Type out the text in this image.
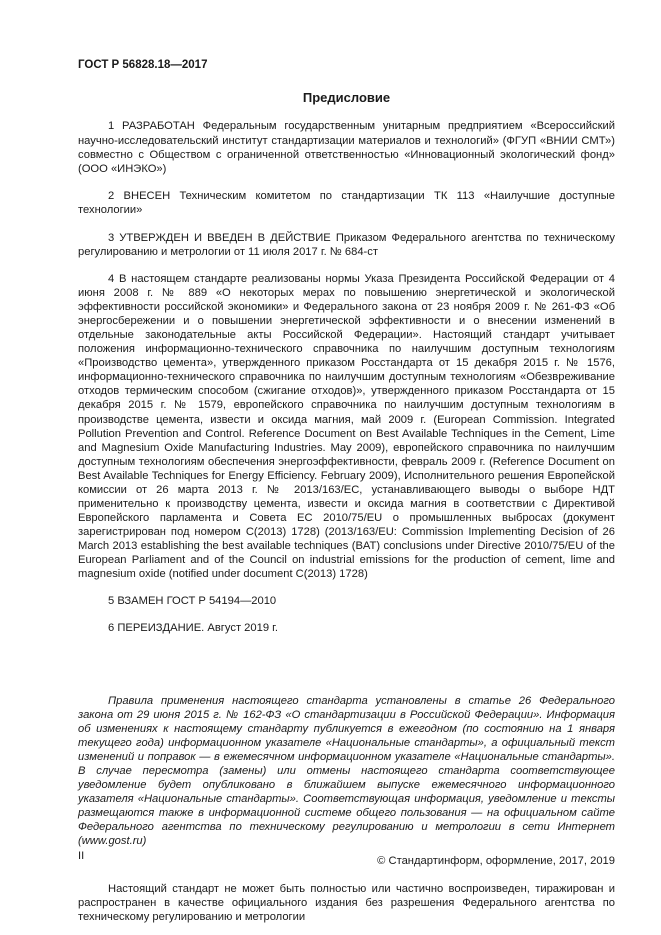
ГОСТ Р 56828.18—2017
Предисловие

1 РАЗРАБОТАН Федеральным государственным унитарным предприятием «Всероссийский научно-исследовательский институт стандартизации материалов и технологий» (ФГУП «ВНИИ СМТ») совместно с Обществом с ограниченной ответственностью «Инновационный экологический фонд» (ООО «ИНЭКО»)

2 ВНЕСЕН Техническим комитетом по стандартизации ТК 113 «Наилучшие доступные технологии»

3 УТВЕРЖДЕН И ВВЕДЕН В ДЕЙСТВИЕ Приказом Федерального агентства по техническому регулированию и метрологии от 11 июля 2017 г. № 684-ст

4 В настоящем стандарте реализованы нормы Указа Президента Российской Федерации от 4 июня 2008 г. № 889 «О некоторых мерах по повышению энергетической и экологической эффективности российской экономики» и Федерального закона от 23 ноября 2009 г. № 261-ФЗ «Об энергосбережении и о повышении энергетической эффективности и о внесении изменений в отдельные законодательные акты Российской Федерации». Настоящий стандарт учитывает положения информационно-технического справочника по наилучшим доступным технологиям «Производство цемента», утвержденного приказом Росстандарта от 15 декабря 2015 г. № 1576, информационно-технического справочника по наилучшим доступным технологиям «Обезвреживание отходов термическим способом (сжигание отходов)», утвержденного приказом Росстандарта от 15 декабря 2015 г. № 1579, европейского справочника по наилучшим доступным технологиям в производстве цемента, извести и оксида магния, май 2009 г. (European Commission. Integrated Pollution Prevention and Control. Reference Document on Best Available Techniques in the Cement, Lime and Magnesium Oxide Manufacturing Industries. May 2009), европейского справочника по наилучшим доступным технологиям обеспечения энергоэффективности, февраль 2009 г. (Reference Document on Best Available Techniques for Energy Efficiency. February 2009), Исполнительного решения Европейской комиссии от 26 марта 2013 г. № 2013/163/EC, устанавливающего выводы о выборе НДТ применительно к производству цемента, извести и оксида магния в соответствии с Директивой Европейского парламента и Совета ЕС 2010/75/EU о промышленных выбросах (документ зарегистрирован под номером C(2013) 1728) (2013/163/EU: Commission Implementing Decision of 26 March 2013 establishing the best available techniques (BAT) conclusions under Directive 2010/75/EU of the European Parliament and of the Council on industrial emissions for the production of cement, lime and magnesium oxide (notified under document C(2013) 1728)

5 ВЗАМЕН ГОСТ Р 54194—2010

6 ПЕРЕИЗДАНИЕ. Август 2019 г.

Правила применения настоящего стандарта установлены в статье 26 Федерального закона от 29 июня 2015 г. № 162-ФЗ «О стандартизации в Российской Федерации». Информация об изменениях к настоящему стандарту публикуется в ежегодном (по состоянию на 1 января текущего года) информационном указателе «Национальные стандарты», а официальный текст изменений и поправок — в ежемесячном информационном указателе «Национальные стандарты». В случае пересмотра (замены) или отмены настоящего стандарта соответствующее уведомление будет опубликовано в ближайшем выпуске ежемесячного информационного указателя «Национальные стандарты». Соответствующая информация, уведомление и тексты размещаются также в информационной системе общего пользования — на официальном сайте Федерального агентства по техническому регулированию и метрологии в сети Интернет (www.gost.ru)

© Стандартинформ, оформление, 2017, 2019

Настоящий стандарт не может быть полностью или частично воспроизведен, тиражирован и распространен в качестве официального издания без разрешения Федерального агентства по техническому регулированию и метрологии

II
